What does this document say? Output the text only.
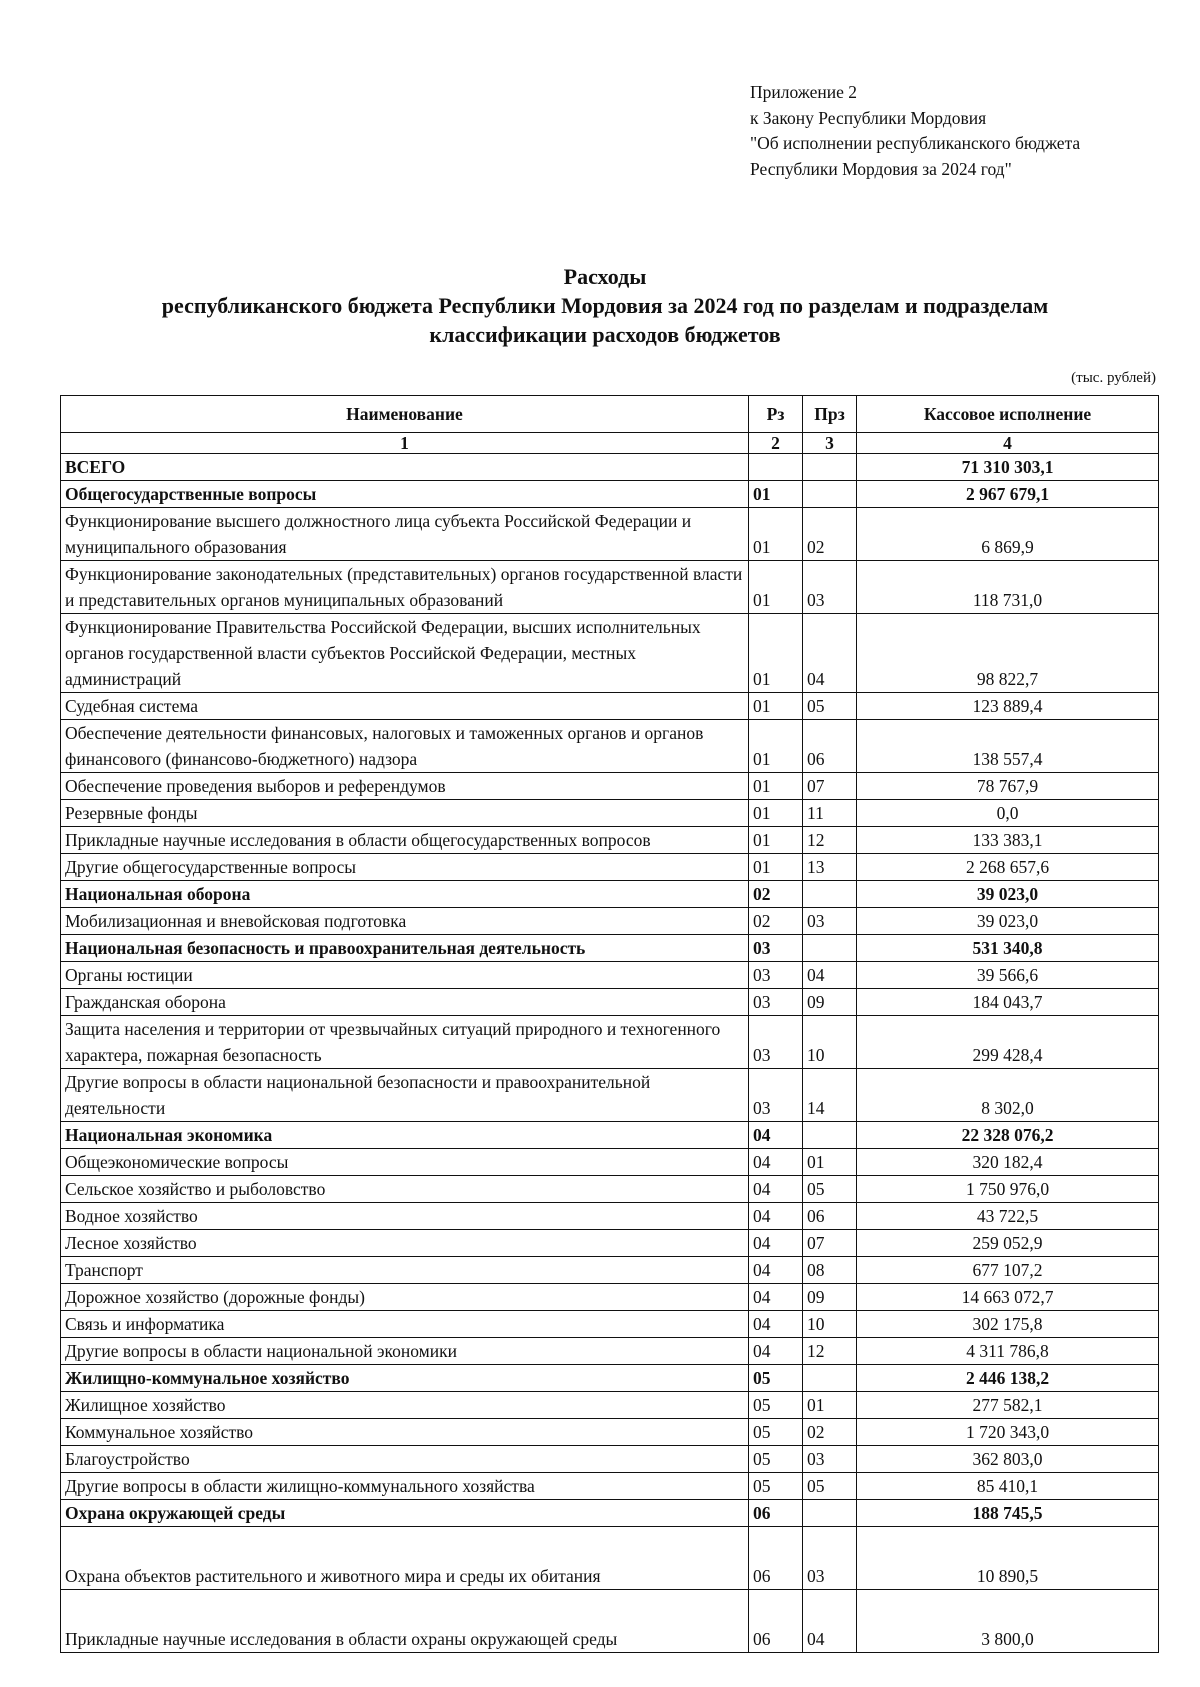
Приложение 2
к Закону Республики Мордовия
"Об исполнении республиканского бюджета
Республики Мордовия за 2024 год"
Расходы
республиканского бюджета Республики Мордовия за 2024 год по разделам и подразделам
классификации расходов бюджетов
(тыс. рублей)
Наименование	Рз	Прз	Кассовое исполнение
1	2	3	4
ВСЕГО			71 310 303,1
Общегосударственные вопросы	01		2 967 679,1
Функционирование высшего должностного лица субъекта Российской Федерации и муниципального образования	01	02	6 869,9
Функционирование законодательных (представительных) органов государственной власти и представительных органов муниципальных образований	01	03	118 731,0
Функционирование Правительства Российской Федерации, высших исполнительных органов государственной власти субъектов Российской Федерации, местных администраций	01	04	98 822,7
Судебная система	01	05	123 889,4
Обеспечение деятельности финансовых, налоговых и таможенных органов и органов финансового (финансово-бюджетного) надзора	01	06	138 557,4
Обеспечение проведения выборов и референдумов	01	07	78 767,9
Резервные фонды	01	11	0,0
Прикладные научные исследования в области общегосударственных вопросов	01	12	133 383,1
Другие общегосударственные вопросы	01	13	2 268 657,6
Национальная оборона	02		39 023,0
Мобилизационная и вневойсковая подготовка	02	03	39 023,0
Национальная безопасность и правоохранительная деятельность	03		531 340,8
Органы юстиции	03	04	39 566,6
Гражданская оборона	03	09	184 043,7
Защита населения и территории от чрезвычайных ситуаций природного и техногенного характера, пожарная безопасность	03	10	299 428,4
Другие вопросы в области национальной безопасности и правоохранительной деятельности	03	14	8 302,0
Национальная экономика	04		22 328 076,2
Общеэкономические вопросы	04	01	320 182,4
Сельское хозяйство и рыболовство	04	05	1 750 976,0
Водное хозяйство	04	06	43 722,5
Лесное хозяйство	04	07	259 052,9
Транспорт	04	08	677 107,2
Дорожное хозяйство (дорожные фонды)	04	09	14 663 072,7
Связь и информатика	04	10	302 175,8
Другие вопросы в области национальной экономики	04	12	4 311 786,8
Жилищно-коммунальное хозяйство	05		2 446 138,2
Жилищное хозяйство	05	01	277 582,1
Коммунальное хозяйство	05	02	1 720 343,0
Благоустройство	05	03	362 803,0
Другие вопросы в области жилищно-коммунального хозяйства	05	05	85 410,1
Охрана окружающей среды	06		188 745,5
Охрана объектов растительного и животного мира и среды их обитания	06	03	10 890,5
Прикладные научные исследования в области охраны окружающей среды	06	04	3 800,0
